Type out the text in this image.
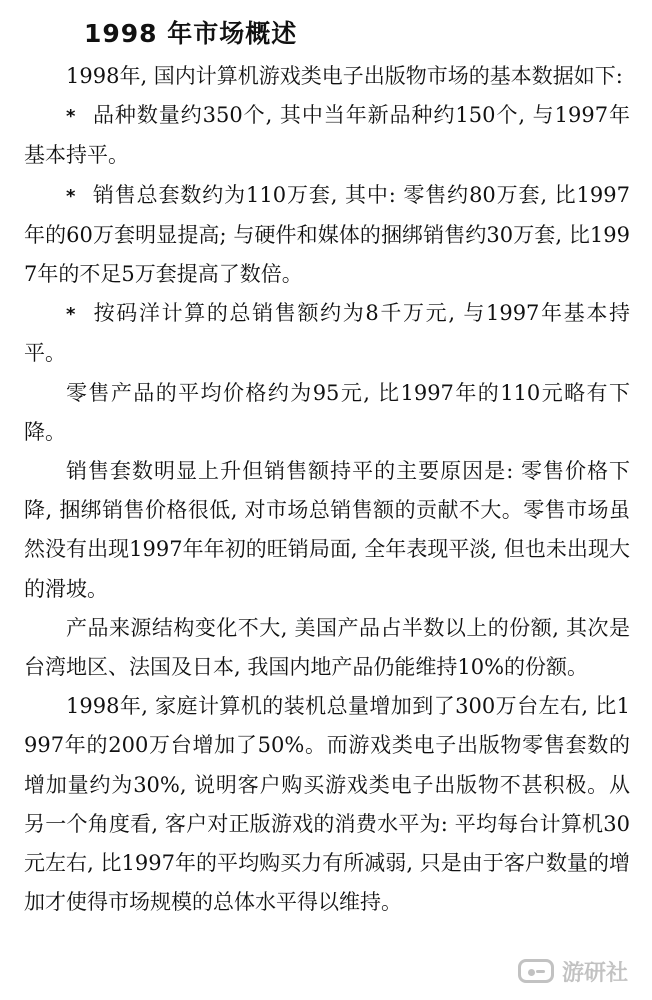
1998 年市场概述

1998年, 国内计算机游戏类电子出版物市场的基本数据如下:

* 品种数量约350个, 其中当年新品种约150个, 与1997年基本持平。

* 销售总套数约为110万套, 其中: 零售约80万套, 比1997年的60万套明显提高; 与硬件和媒体的捆绑销售约30万套, 比1997年的不足5万套提高了数倍。

* 按码洋计算的总销售额约为8千万元, 与1997年基本持平。

零售产品的平均价格约为95元, 比1997年的110元略有下降。

销售套数明显上升但销售额持平的主要原因是: 零售价格下降, 捆绑销售价格很低, 对市场总销售额的贡献不大。零售市场虽然没有出现1997年年初的旺销局面, 全年表现平淡, 但也未出现大的滑坡。

产品来源结构变化不大, 美国产品占半数以上的份额, 其次是台湾地区、法国及日本, 我国内地产品仍能维持10%的份额。

1998年, 家庭计算机的装机总量增加到了300万台左右, 比1997年的200万台增加了50%。而游戏类电子出版物零售套数的增加量约为30%, 说明客户购买游戏类电子出版物不甚积极。从另一个角度看, 客户对正版游戏的消费水平为: 平均每台计算机30元左右, 比1997年的平均购买力有所减弱, 只是由于客户数量的增加才使得市场规模的总体水平得以维持。

游研社
